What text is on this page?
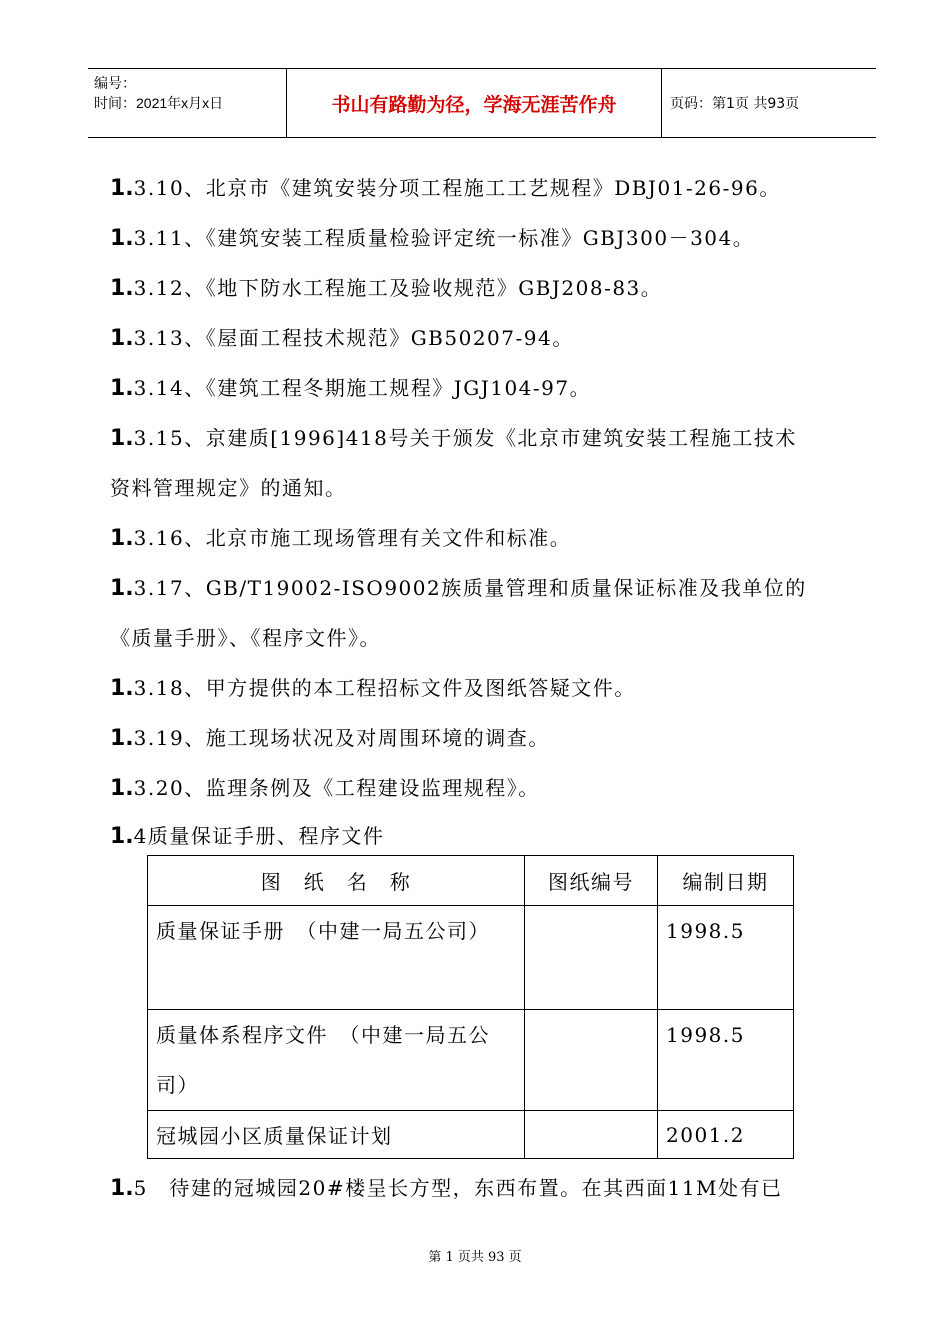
编号：
时间：2021年x月x日	书山有路勤为径，学海无涯苦作舟	页码：第1页 共93页
1.3.10、北京市《建筑安装分项工程施工工艺规程》DBJ01-26-96。
1.3.11、《建筑安装工程质量检验评定统一标准》GBJ300－304。
1.3.12、《地下防水工程施工及验收规范》GBJ208-83。
1.3.13、《屋面工程技术规范》GB50207-94。
1.3.14、《建筑工程冬期施工规程》JGJ104-97。
1.3.15、京建质[1996]418号关于颁发《北京市建筑安装工程施工技术
资料管理规定》的通知。
1.3.16、北京市施工现场管理有关文件和标准。
1.3.17、GB/T19002-ISO9002族质量管理和质量保证标准及我单位的
《质量手册》、《程序文件》。
1.3.18、甲方提供的本工程招标文件及图纸答疑文件。
1.3.19、施工现场状况及对周围环境的调查。
1.3.20、监理条例及《工程建设监理规程》。
1.4质量保证手册、程序文件
图　纸　名　称	图纸编号	编制日期
质量保证手册　（中建一局五公司）		1998.5
质量体系程序文件　（中建一局五公司）		1998.5
冠城园小区质量保证计划		2001.2
1.5　待建的冠城园20#楼呈长方型，东西布置。在其西面11M处有已
第 1 页共 93 页
